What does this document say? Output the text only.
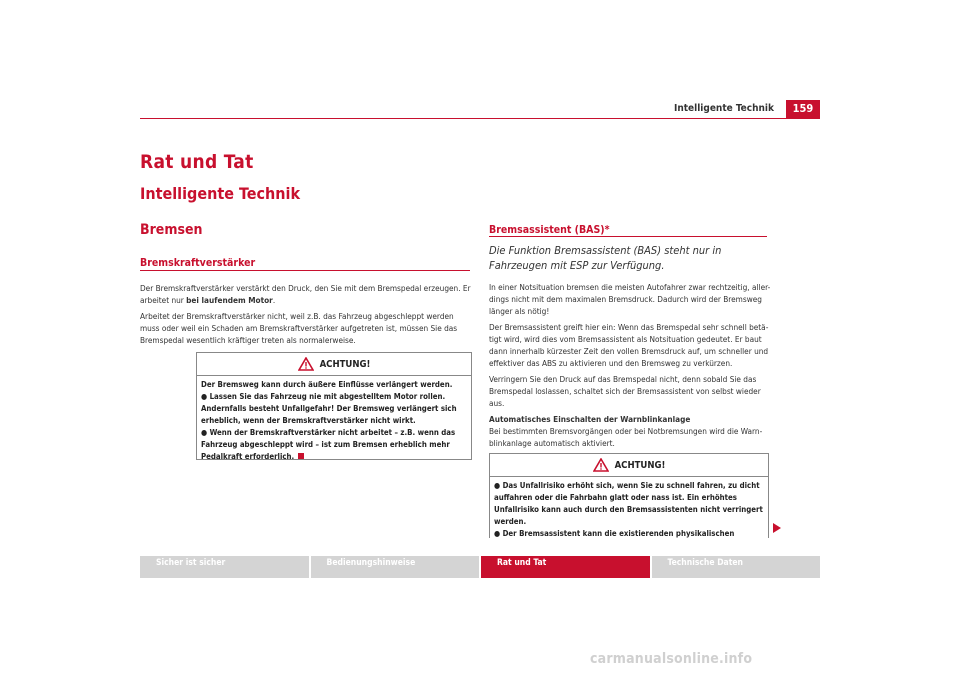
Intelligente Technik	159
Rat und Tat
Intelligente Technik
Bremsen
Bremskraftverstärker

Der Bremskraftverstärker verstärkt den Druck, den Sie mit dem Bremspedal erzeugen. Er arbeitet nur bei laufendem Motor.

Arbeitet der Bremskraftverstärker nicht, weil z.B. das Fahrzeug abgeschleppt werden muss oder weil ein Schaden am Bremskraftverstärker aufgetreten ist, müssen Sie das Bremspedal wesentlich kräftiger treten als normalerweise.

ACHTUNG!

Der Bremsweg kann durch äußere Einflüsse verlängert werden.

● Lassen Sie das Fahrzeug nie mit abgestelltem Motor rollen. Andernfalls besteht Unfallgefahr! Der Bremsweg verlängert sich erheblich, wenn der Bremskraftverstärker nicht wirkt.

● Wenn der Bremskraftverstärker nicht arbeitet – z.B. wenn das Fahrzeug abgeschleppt wird – ist zum Bremsen erheblich mehr Pedalkraft erforderlich.

Bremsassistent (BAS)*
Die Funktion Bremsassistent (BAS) steht nur in Fahrzeugen mit ESP zur Verfügung.

In einer Notsituation bremsen die meisten Autofahrer zwar rechtzeitig, aller-dings nicht mit dem maximalen Bremsdruck. Dadurch wird der Bremsweg länger als nötig!

Der Bremsassistent greift hier ein: Wenn das Bremspedal sehr schnell betä-tigt wird, wird dies vom Bremsassistent als Notsituation gedeutet. Er baut dann innerhalb kürzester Zeit den vollen Bremsdruck auf, um schneller und effektiver das ABS zu aktivieren und den Bremsweg zu verkürzen.

Verringern Sie den Druck auf das Bremspedal nicht, denn sobald Sie das Bremspedal loslassen, schaltet sich der Bremsassistent von selbst wieder aus.

Automatisches Einschalten der Warnblinkanlage

Bei bestimmten Bremsvorgängen oder bei Notbremsungen wird die Warn-blinkanlage automatisch aktiviert.

ACHTUNG!

● Das Unfallrisiko erhöht sich, wenn Sie zu schnell fahren, zu dicht auffahren oder die Fahrbahn glatt oder nass ist. Ein erhöhtes Unfallrisiko kann auch durch den Bremsassistenten nicht verringert werden.

● Der Bremsassistent kann die existierenden physikalischen

Sicher ist sicher	Bedienungshinweise	Rat und Tat	Technische Daten
carmanualsonline.info
